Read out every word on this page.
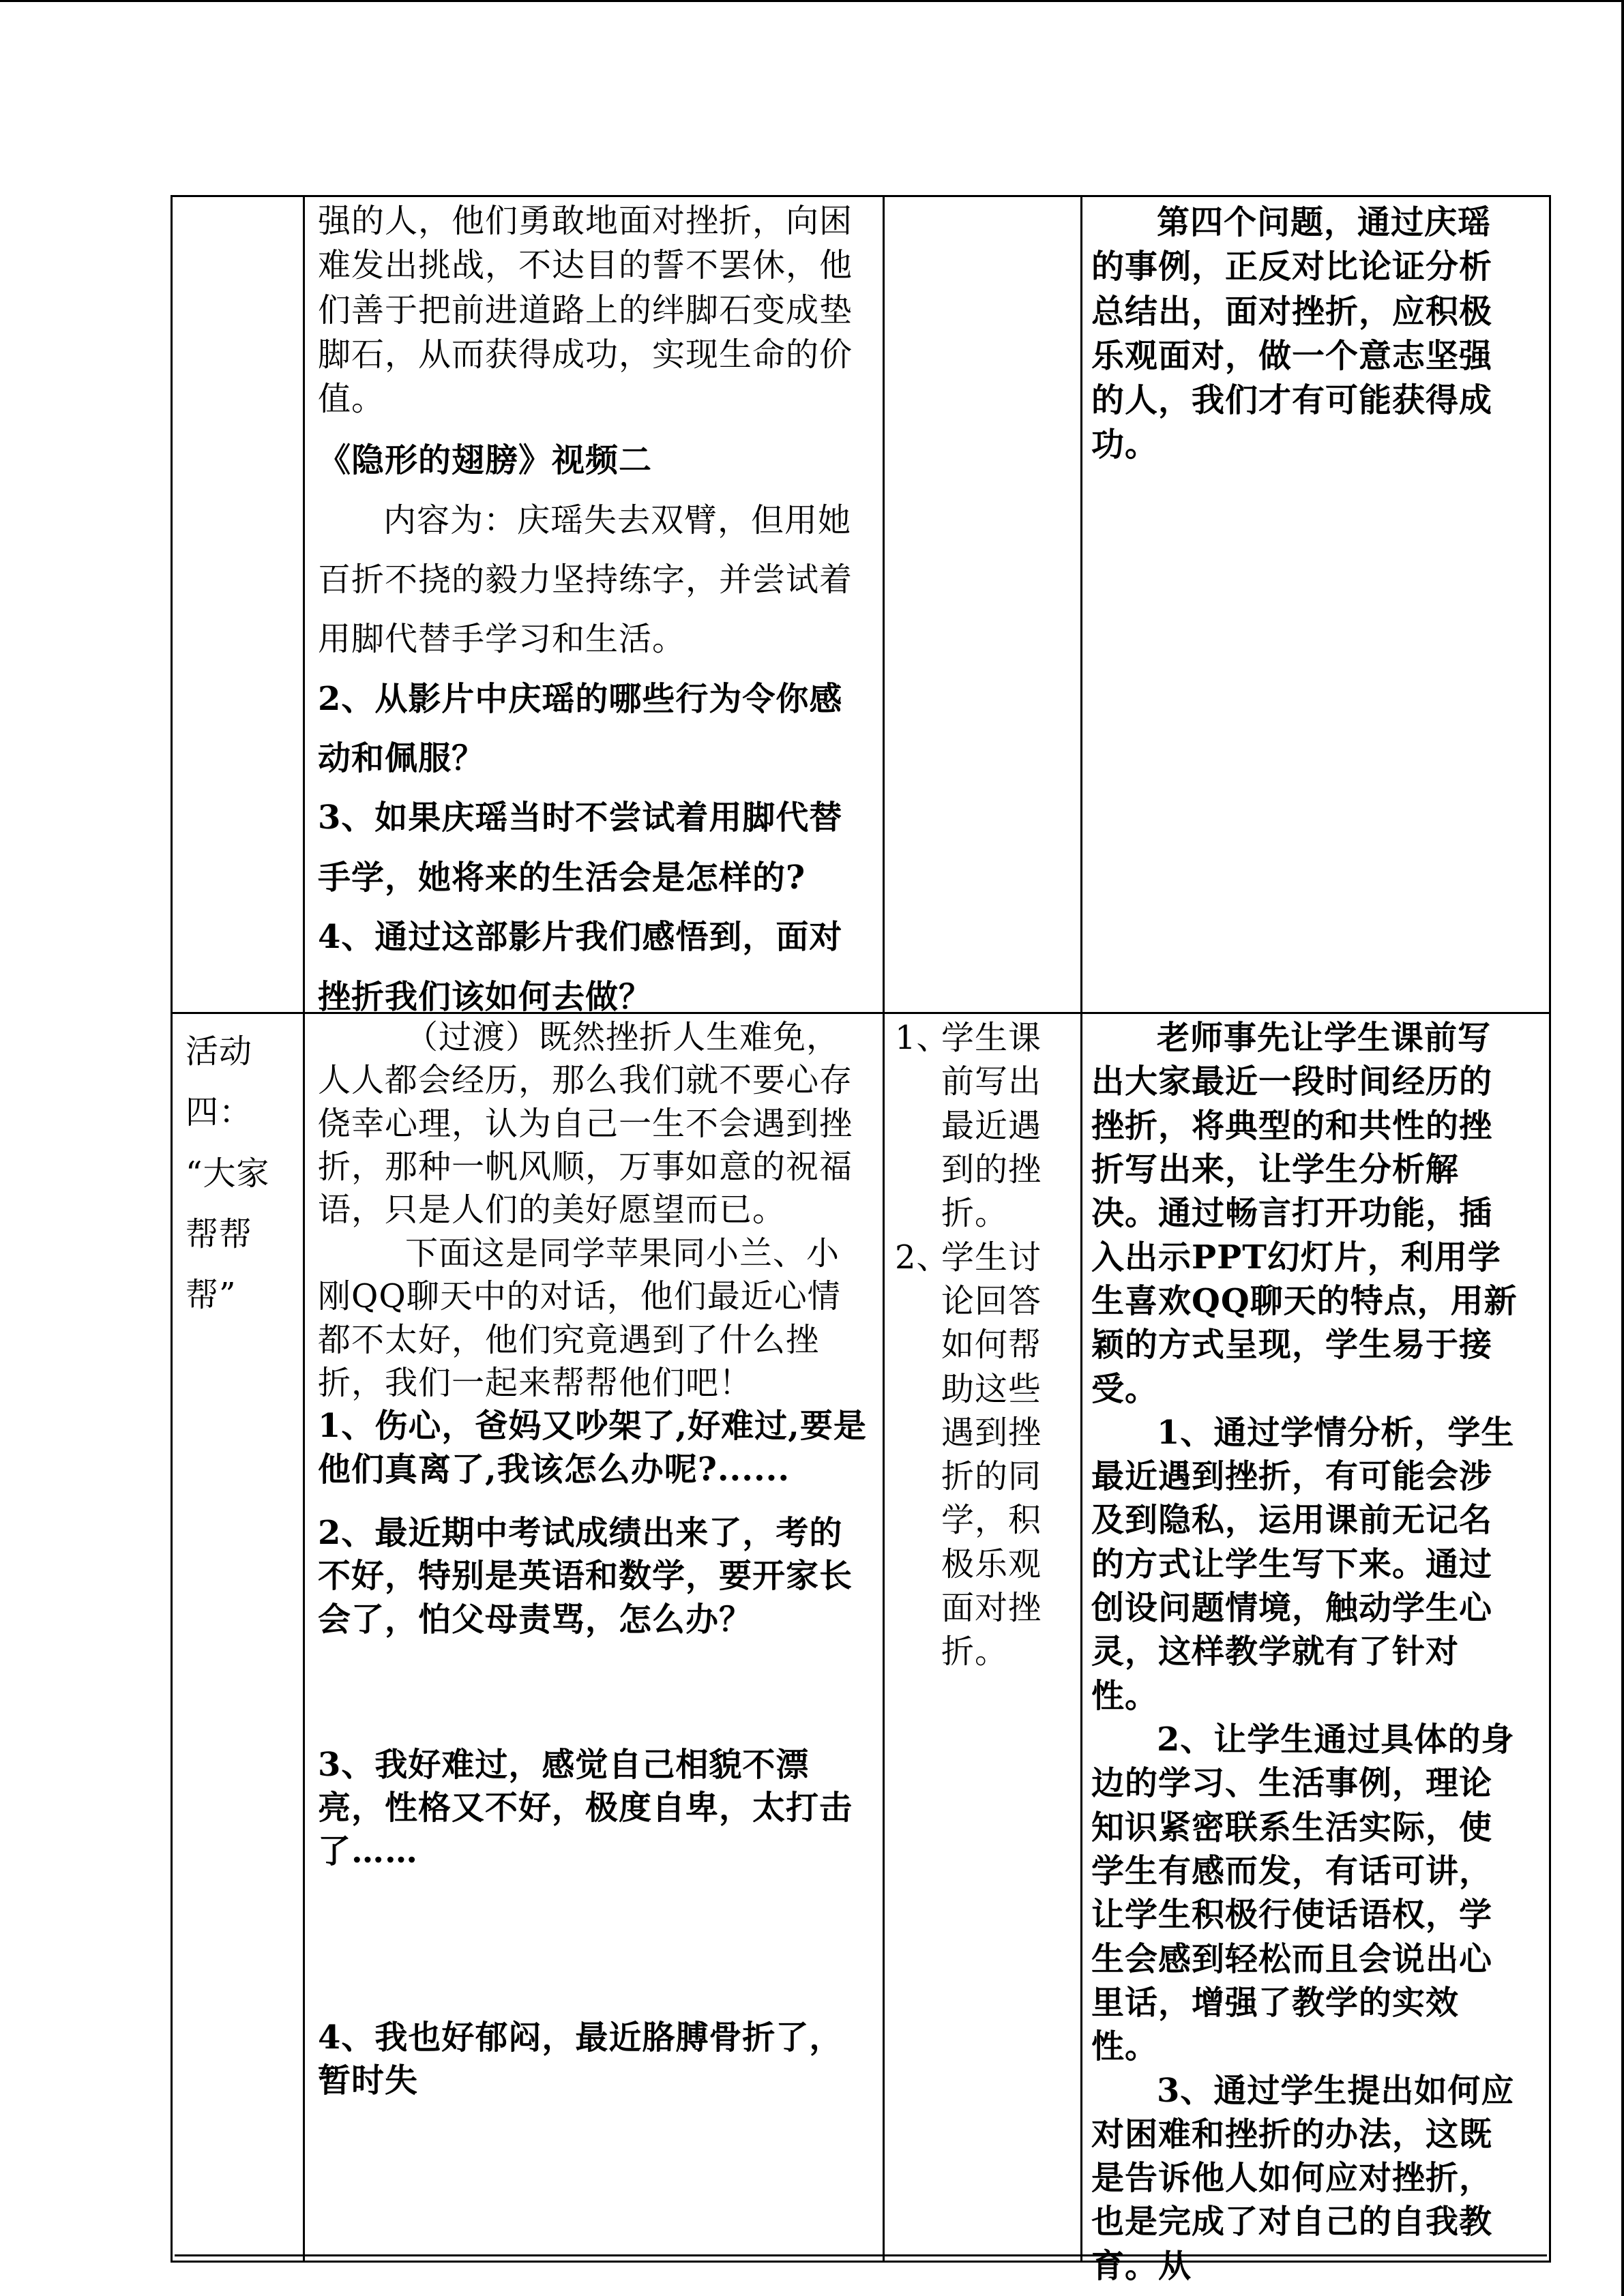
强的人，他们勇敢地面对挫折，向困难发出挑战，不达目的誓不罢休，他们善于把前进道路上的绊脚石变成垫脚石，从而获得成功，实现生命的价值。

《隐形的翅膀》视频二

内容为：庆瑶失去双臂，但用她百折不挠的毅力坚持练字，并尝试着用脚代替手学习和生活。

2、从影片中庆瑶的哪些行为令你感动和佩服？

3、如果庆瑶当时不尝试着用脚代替手学，她将来的生活会是怎样的?

4、通过这部影片我们感悟到，面对挫折我们该如何去做？

第四个问题，通过庆瑶的事例，正反对比论证分析总结出，面对挫折，应积极乐观面对，做一个意志坚强的人，我们才有可能获得成功。

活动

四：

“大家

帮帮

帮”

（过渡）既然挫折人生难免，人人都会经历，那么我们就不要心存侥幸心理，认为自己一生不会遇到挫折，那种一帆风顺，万事如意的祝福语，只是人们的美好愿望而已。

下面这是同学苹果同小兰、小刚QQ聊天中的对话，他们最近心情都不太好，他们究竟遇到了什么挫折，我们一起来帮帮他们吧！

1、伤心，爸妈又吵架了,好难过,要是他们真离了,我该怎么办呢?......

2、最近期中考试成绩出来了，考的不好，特别是英语和数学，要开家长会了，怕父母责骂，怎么办？

3、我好难过，感觉自己相貌不漂亮，性格又不好，极度自卑，太打击了……

4、我也好郁闷，最近胳膊骨折了，暂时失

1、
学生课前写出最近遇到的挫折。
2、
学生讨论回答如何帮助这些遇到挫折的同学，积极乐观面对挫折。

老师事先让学生课前写出大家最近一段时间经历的挫折，将典型的和共性的挫折写出来，让学生分析解决。通过畅言打开功能，插入出示PPT幻灯片，利用学生喜欢QQ聊天的特点，用新颖的方式呈现，学生易于接受。

1、通过学情分析，学生最近遇到挫折，有可能会涉及到隐私，运用课前无记名的方式让学生写下来。通过创设问题情境，触动学生心灵，这样教学就有了针对性。

2、让学生通过具体的身边的学习、生活事例，理论知识紧密联系生活实际，使学生有感而发，有话可讲，让学生积极行使话语权，学生会感到轻松而且会说出心里话，增强了教学的实效性。

3、通过学生提出如何应对困难和挫折的办法，这既是告诉他人如何应对挫折，也是完成了对自己的自我教育。从
